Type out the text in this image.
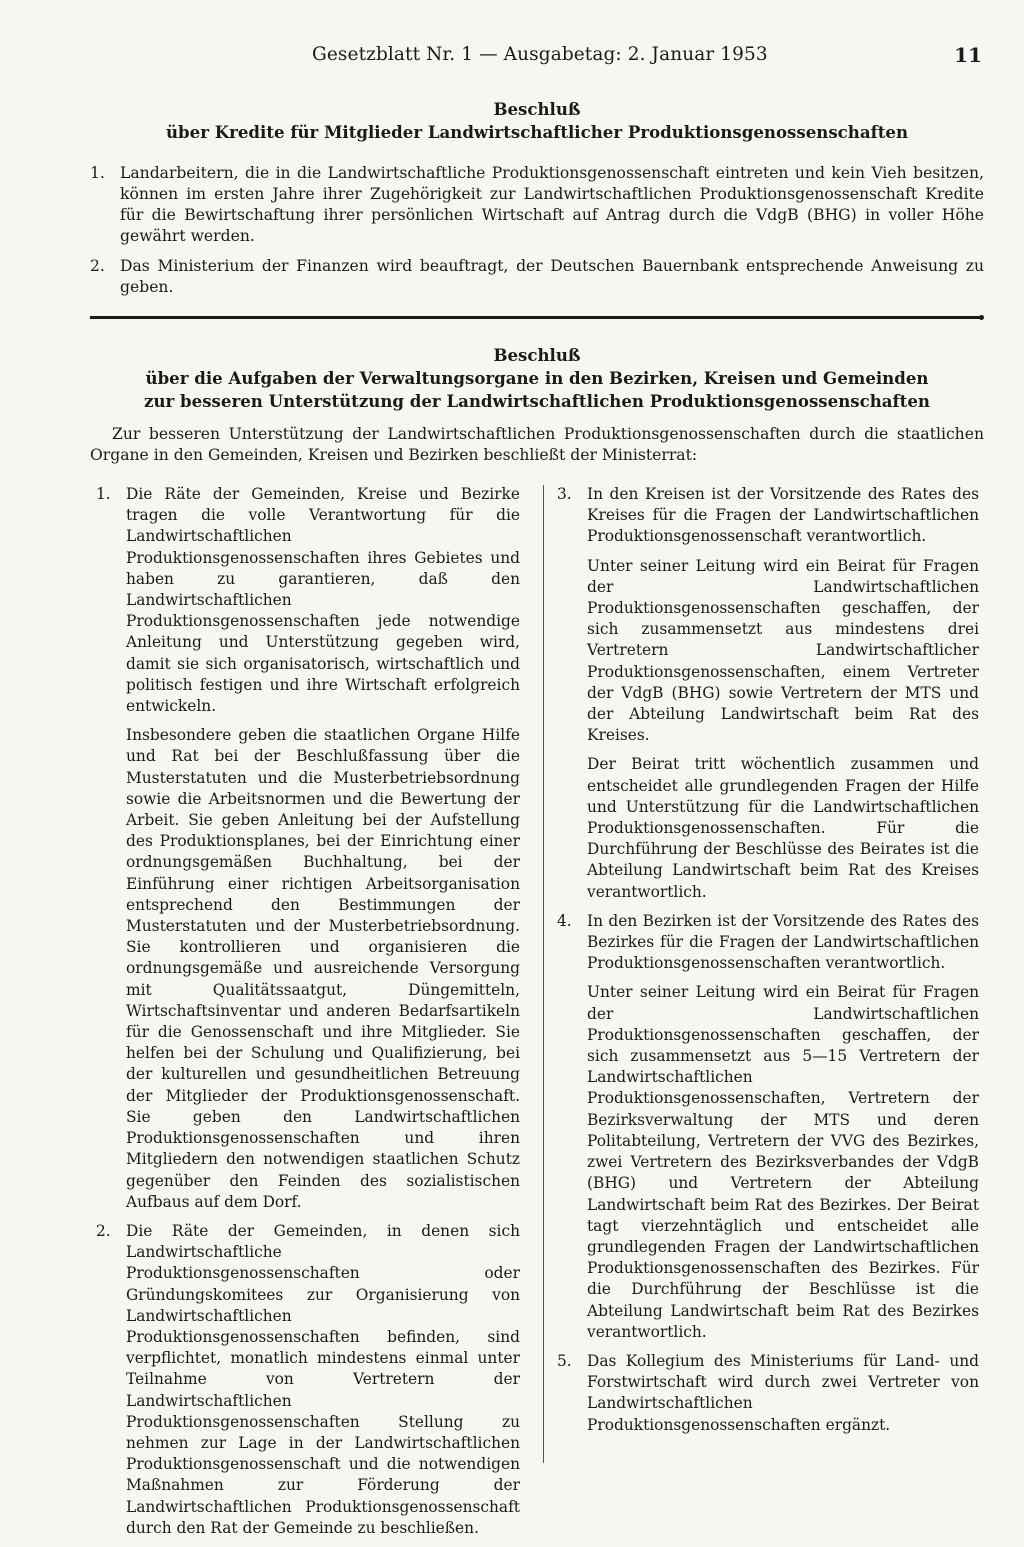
Gesetzblatt Nr. 1 — Ausgabetag: 2. Januar 1953	11
Beschluß
über Kredite für Mitglieder Landwirtschaftlicher Produktionsgenossenschaften
1. Landarbeitern, die in die Landwirtschaftliche Produktionsgenossenschaft eintreten und kein Vieh besitzen, können im ersten Jahre ihrer Zugehörigkeit zur Landwirtschaftlichen Produktionsgenossenschaft Kredite für die Bewirtschaftung ihrer persönlichen Wirtschaft auf Antrag durch die VdgB (BHG) in voller Höhe gewährt werden.

2. Das Ministerium der Finanzen wird beauftragt, der Deutschen Bauernbank entsprechende Anweisung zu geben.

Beschluß
über die Aufgaben der Verwaltungsorgane in den Bezirken, Kreisen und Gemeinden
zur besseren Unterstützung der Landwirtschaftlichen Produktionsgenossenschaften

Zur besseren Unterstützung der Landwirtschaftlichen Produktionsgenossenschaften durch die staatlichen Organe in den Gemeinden, Kreisen und Bezirken beschließt der Ministerrat:

1. Die Räte der Gemeinden, Kreise und Bezirke tragen die volle Verantwortung für die Landwirtschaftlichen Produktionsgenossenschaften ihres Gebietes und haben zu garantieren, daß den Landwirtschaftlichen Produktionsgenossenschaften jede notwendige Anleitung und Unterstützung gegeben wird, damit sie sich organisatorisch, wirtschaftlich und politisch festigen und ihre Wirtschaft erfolgreich entwickeln.

Insbesondere geben die staatlichen Organe Hilfe und Rat bei der Beschlußfassung über die Musterstatuten und die Musterbetriebsordnung sowie die Arbeitsnormen und die Bewertung der Arbeit. Sie geben Anleitung bei der Aufstellung des Produktionsplanes, bei der Einrichtung einer ordnungsgemäßen Buchhaltung, bei der Einführung einer richtigen Arbeitsorganisation entsprechend den Bestimmungen der Musterstatuten und der Musterbetriebsordnung. Sie kontrollieren und organisieren die ordnungsgemäße und ausreichende Versorgung mit Qualitätssaatgut, Düngemitteln, Wirtschaftsinventar und anderen Bedarfsartikeln für die Genossenschaft und ihre Mitglieder. Sie helfen bei der Schulung und Qualifizierung, bei der kulturellen und gesundheitlichen Betreuung der Mitglieder der Produktionsgenossenschaft. Sie geben den Landwirtschaftlichen Produktionsgenossenschaften und ihren Mitgliedern den notwendigen staatlichen Schutz gegenüber den Feinden des sozialistischen Aufbaus auf dem Dorf.

2. Die Räte der Gemeinden, in denen sich Landwirtschaftliche Produktionsgenossenschaften oder Gründungskomitees zur Organisierung von Landwirtschaftlichen Produktionsgenossenschaften befinden, sind verpflichtet, monatlich mindestens einmal unter Teilnahme von Vertretern der Landwirtschaftlichen Produktionsgenossenschaften Stellung zu nehmen zur Lage in der Landwirtschaftlichen Produktionsgenossenschaft und die notwendigen Maßnahmen zur Förderung der Landwirtschaftlichen Produktionsgenossenschaft durch den Rat der Gemeinde zu beschließen.

3. In den Kreisen ist der Vorsitzende des Rates des Kreises für die Fragen der Landwirtschaftlichen Produktionsgenossenschaft verantwortlich.

Unter seiner Leitung wird ein Beirat für Fragen der Landwirtschaftlichen Produktionsgenossenschaften geschaffen, der sich zusammensetzt aus mindestens drei Vertretern Landwirtschaftlicher Produktionsgenossenschaften, einem Vertreter der VdgB (BHG) sowie Vertretern der MTS und der Abteilung Landwirtschaft beim Rat des Kreises.

Der Beirat tritt wöchentlich zusammen und entscheidet alle grundlegenden Fragen der Hilfe und Unterstützung für die Landwirtschaftlichen Produktionsgenossenschaften. Für die Durchführung der Beschlüsse des Beirates ist die Abteilung Landwirtschaft beim Rat des Kreises verantwortlich.

4. In den Bezirken ist der Vorsitzende des Rates des Bezirkes für die Fragen der Landwirtschaftlichen Produktionsgenossenschaften verantwortlich.

Unter seiner Leitung wird ein Beirat für Fragen der Landwirtschaftlichen Produktionsgenossenschaften geschaffen, der sich zusammensetzt aus 5—15 Vertretern der Landwirtschaftlichen Produktionsgenossenschaften, Vertretern der Bezirksverwaltung der MTS und deren Politabteilung, Vertretern der VVG des Bezirkes, zwei Vertretern des Bezirksverbandes der VdgB (BHG) und Vertretern der Abteilung Landwirtschaft beim Rat des Bezirkes. Der Beirat tagt vierzehntäglich und entscheidet alle grundlegenden Fragen der Landwirtschaftlichen Produktionsgenossenschaften des Bezirkes. Für die Durchführung der Beschlüsse ist die Abteilung Landwirtschaft beim Rat des Bezirkes verantwortlich.

5. Das Kollegium des Ministeriums für Land- und Forstwirtschaft wird durch zwei Vertreter von Landwirtschaftlichen Produktionsgenossenschaften ergänzt.
